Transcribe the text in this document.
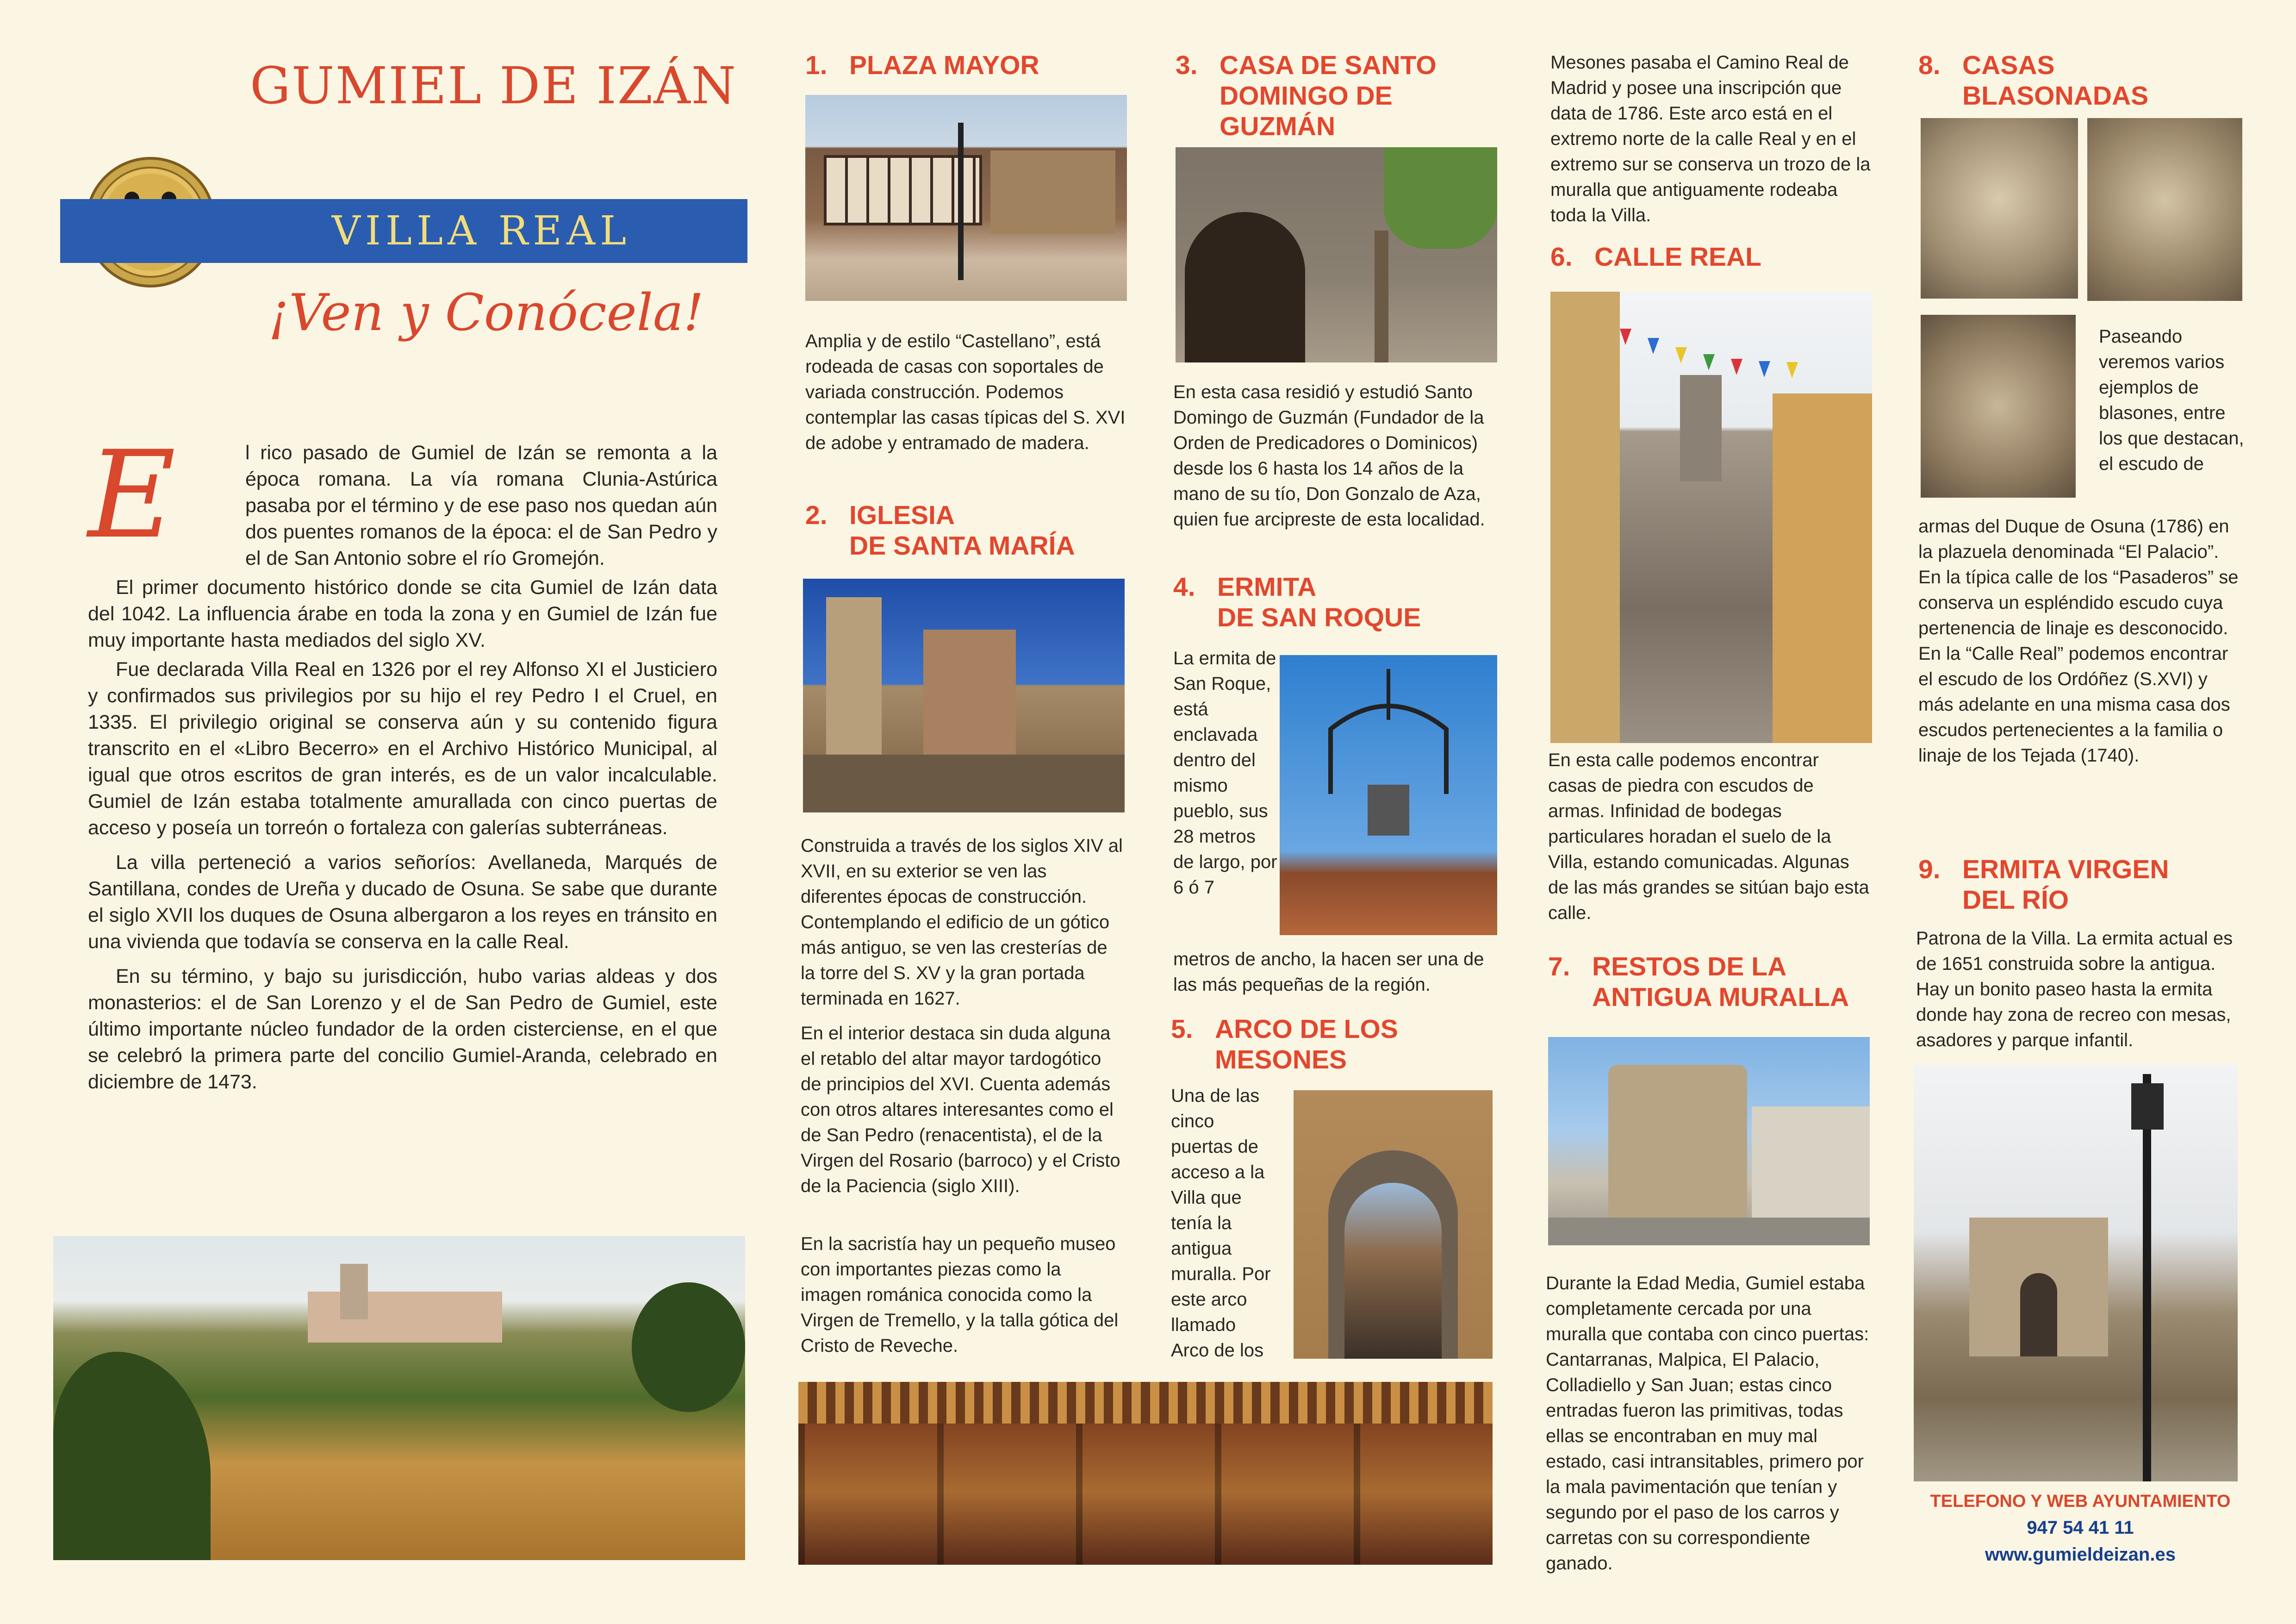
GUMIEL DE IZÁN
VILLA REAL
¡Ven y Conócela!
E	l rico pasado de Gumiel de Izán se remonta a la época romana. La vía romana Clunia-Astúrica pasaba por el término y de ese paso nos quedan aún dos puentes romanos de la época: el de San Pedro y el de San Antonio sobre el río Gromejón.

El primer documento histórico donde se cita Gumiel de Izán data del 1042. La influencia árabe en toda la zona y en Gumiel de Izán fue muy importante hasta mediados del siglo XV.

Fue declarada Villa Real en 1326 por el rey Alfonso XI el Justiciero y confirmados sus privilegios por su hijo el rey Pedro I el Cruel, en 1335. El privilegio original se conserva aún y su contenido figura transcrito en el «Libro Becerro» en el Archivo Histórico Municipal, al igual que otros escritos de gran interés, es de un valor incalculable. Gumiel de Izán estaba totalmente amurallada con cinco puertas de acceso y poseía un torreón o fortaleza con galerías subterráneas.

La villa perteneció a varios señoríos: Avellaneda, Marqués de Santillana, condes de Ureña y ducado de Osuna. Se sabe que durante el siglo XVII los duques de Osuna albergaron a los reyes en tránsito en una vivienda que todavía se conserva en la calle Real.

En su término, y bajo su jurisdicción, hubo varias aldeas y dos monasterios: el de San Lorenzo y el de San Pedro de Gumiel, este último importante núcleo fundador de la orden cisterciense, en el que se celebró la primera parte del concilio Gumiel-Aranda, celebrado en diciembre de 1473.

1. PLAZA MAYOR

Amplia y de estilo “Castellano”, está rodeada de casas con soportales de variada construcción. Podemos contemplar las casas típicas del S. XVI de adobe y entramado de madera.

2. IGLESIA
DE SANTA MARÍA

Construida a través de los siglos XIV al XVII, en su exterior se ven las diferentes épocas de construcción. Contemplando el edificio de un gótico más antiguo, se ven las cresterías de la torre del S. XV y la gran portada terminada en 1627.

En el interior destaca sin duda alguna el retablo del altar mayor tardogótico de principios del XVI. Cuenta además con otros altares interesantes como el de San Pedro (renacentista), el de la Virgen del Rosario (barroco) y el Cristo de la Paciencia (siglo XIII).

En la sacristía hay un pequeño museo con importantes piezas como la imagen románica conocida como la Virgen de Tremello, y la talla gótica del Cristo de Reveche.

3. CASA DE SANTO
DOMINGO DE
GUZMÁN

En esta casa residió y estudió Santo Domingo de Guzmán (Fundador de la Orden de Predicadores o Dominicos) desde los 6 hasta los 14 años de la mano de su tío, Don Gonzalo de Aza, quien fue arcipreste de esta localidad.

4. ERMITA
DE SAN ROQUE

La ermita de San Roque, está enclavada dentro del mismo pueblo, sus 28 metros de largo, por 6 ó 7

metros de ancho, la hacen ser una de las más pequeñas de la región.

5. ARCO DE LOS
MESONES

Una de las cinco puertas de acceso a la Villa que tenía la antigua muralla. Por este arco llamado Arco de los

Mesones pasaba el Camino Real de Madrid y posee una inscripción que data de 1786. Este arco está en el extremo norte de la calle Real y en el extremo sur se conserva un trozo de la muralla que antiguamente rodeaba toda la Villa.

6. CALLE REAL

En esta calle podemos encontrar casas de piedra con escudos de armas. Infinidad de bodegas particulares horadan el suelo de la Villa, estando comunicadas. Algunas de las más grandes se sitúan bajo esta calle.

7. RESTOS DE LA
ANTIGUA MURALLA

Durante la Edad Media, Gumiel estaba completamente cercada por una muralla que contaba con cinco puertas: Cantarranas, Malpica, El Palacio, Colladiello y San Juan; estas cinco entradas fueron las primitivas, todas ellas se encontraban en muy mal estado, casi intransitables, primero por la mala pavimentación que tenían y segundo por el paso de los carros y carretas con su correspondiente ganado.

8. CASAS
BLASONADAS

Paseando veremos varios ejemplos de blasones, entre los que destacan, el escudo de

armas del Duque de Osuna (1786) en la plazuela denominada “El Palacio”. En la típica calle de los “Pasaderos” se conserva un espléndido escudo cuya pertenencia de linaje es desconocido. En la “Calle Real” podemos encontrar el escudo de los Ordóñez (S.XVI) y más adelante en una misma casa dos escudos pertenecientes a la familia o linaje de los Tejada (1740).

9. ERMITA VIRGEN
DEL RÍO

Patrona de la Villa. La ermita actual es de 1651 construida sobre la antigua. Hay un bonito paseo hasta la ermita donde hay zona de recreo con mesas, asadores y parque infantil.

TELEFONO Y WEB AYUNTAMIENTO
947 54 41 11
www.gumieldeizan.es
